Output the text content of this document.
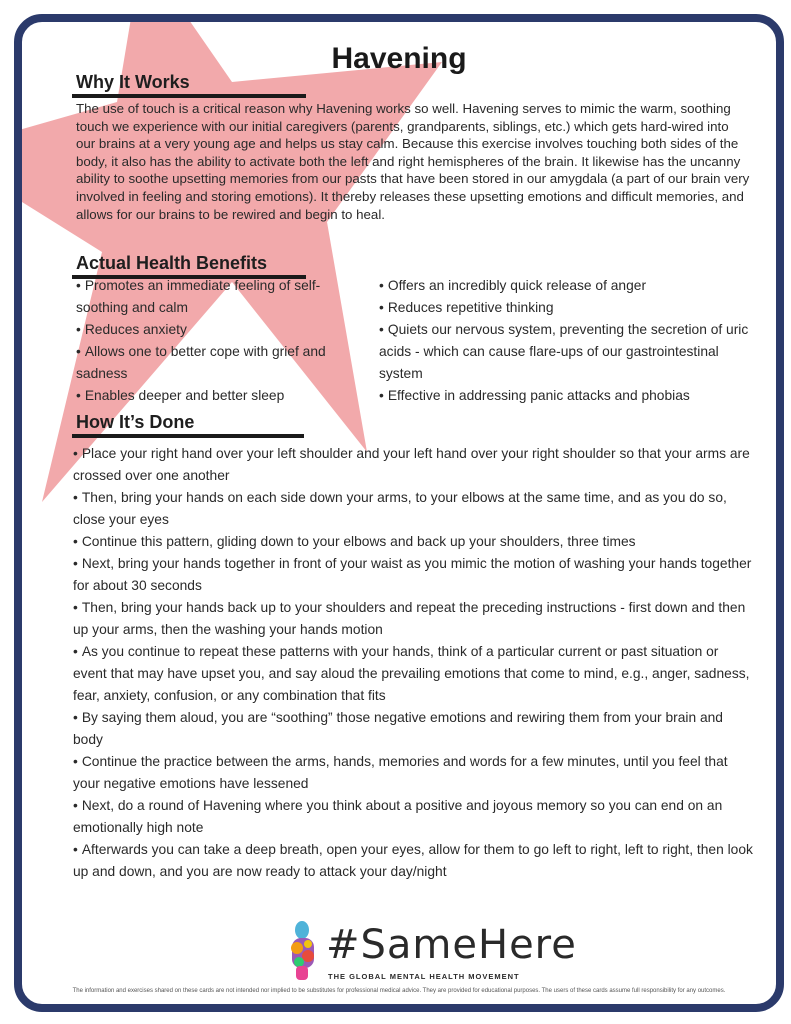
Havening
Why It Works

The use of touch is a critical reason why Havening works so well. Havening serves to mimic the warm, soothing touch we experience with our initial caregivers (parents, grandparents, siblings, etc.) which gets hard-wired into our brains at a very young age and helps us stay calm. Because this exercise involves touching both sides of the body, it also has the ability to activate both the left and right hemispheres of the brain. It likewise has the uncanny ability to soothe upsetting memories from our pasts that have been stored in our amygdala (a part of our brain very involved in feeling and storing emotions). It thereby releases these upsetting emotions and difficult memories, and allows for our brains to be rewired and begin to heal.

Actual Health Benefits
• Promotes an immediate feeling of self-soothing and calm
• Reduces anxiety
• Allows one to better cope with grief and sadness
• Enables deeper and better sleep
• Offers an incredibly quick release of anger
• Reduces repetitive thinking
• Quiets our nervous system, preventing the secretion of uric acids - which can cause flare-ups of our gastrointestinal system
• Effective in addressing panic attacks and phobias
How It’s Done
• Place your right hand over your left shoulder and your left hand over your right shoulder so that your arms are crossed over one another
• Then, bring your hands on each side down your arms, to your elbows at the same time, and as you do so, close your eyes
• Continue this pattern, gliding down to your elbows and back up your shoulders, three times
• Next, bring your hands together in front of your waist as you mimic the motion of washing your hands together for about 30 seconds
• Then, bring your hands back up to your shoulders and repeat the preceding instructions - first down and then up your arms, then the washing your hands motion
• As you continue to repeat these patterns with your hands, think of a particular current or past situation or event that may have upset you, and say aloud the prevailing emotions that come to mind, e.g., anger, sadness, fear, anxiety, confusion, or any combination that fits
• By saying them aloud, you are “soothing” those negative emotions and rewiring them from your brain and body
• Continue the practice between the arms, hands, memories and words for a few minutes, until you feel that your negative emotions have lessened
• Next, do a round of Havening where you think about a positive and joyous memory so you can end on an emotionally high note
• Afterwards you can take a deep breath, open your eyes, allow for them to go left to right, left to right, then look up and down, and you are now ready to attack your day/night
#SameHere
THE GLOBAL MENTAL HEALTH MOVEMENT

The information and exercises shared on these cards are not intended nor implied to be substitutes for professional medical advice. They are provided for educational purposes. The users of these cards assume full responsibility for any outcomes.
